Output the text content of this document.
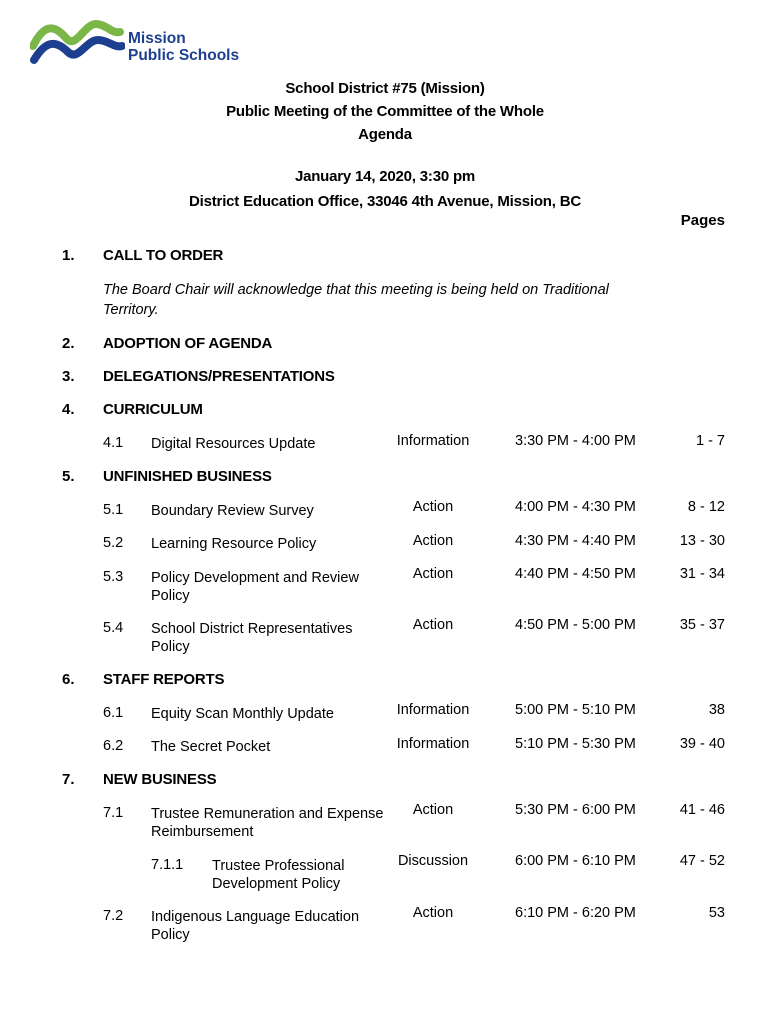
Mission
Public Schools
School District #75 (Mission)
Public Meeting of the Committee of the Whole
Agenda
January 14, 2020, 3:30 pm
District Education Office, 33046 4th Avenue, Mission, BC
Pages
1. CALL TO ORDER
The Board Chair will acknowledge that this meeting is being held on Traditional Territory.
2. ADOPTION OF AGENDA
3. DELEGATIONS/PRESENTATIONS
4. CURRICULUM
4.1 Digital Resources Update	Information	3:30 PM - 4:00 PM	1 - 7
5. UNFINISHED BUSINESS
5.1 Boundary Review Survey	Action	4:00 PM - 4:30 PM	8 - 12
5.2 Learning Resource Policy	Action	4:30 PM - 4:40 PM	13 - 30
5.3 Policy Development and Review Policy
Action	4:40 PM - 4:50 PM	31 - 34
5.4 School District Representatives Policy
Action	4:50 PM - 5:00 PM	35 - 37
6. STAFF REPORTS
6.1 Equity Scan Monthly Update	Information	5:00 PM - 5:10 PM	38
6.2 The Secret Pocket	Information	5:10 PM - 5:30 PM	39 - 40
7. NEW BUSINESS
7.1 Trustee Remuneration and Expense Reimbursement
Action	5:30 PM - 6:00 PM	41 - 46
7.1.1 Trustee Professional Development Policy
Discussion	6:00 PM - 6:10 PM	47 - 52
7.2 Indigenous Language Education Policy
Action	6:10 PM - 6:20 PM	53
